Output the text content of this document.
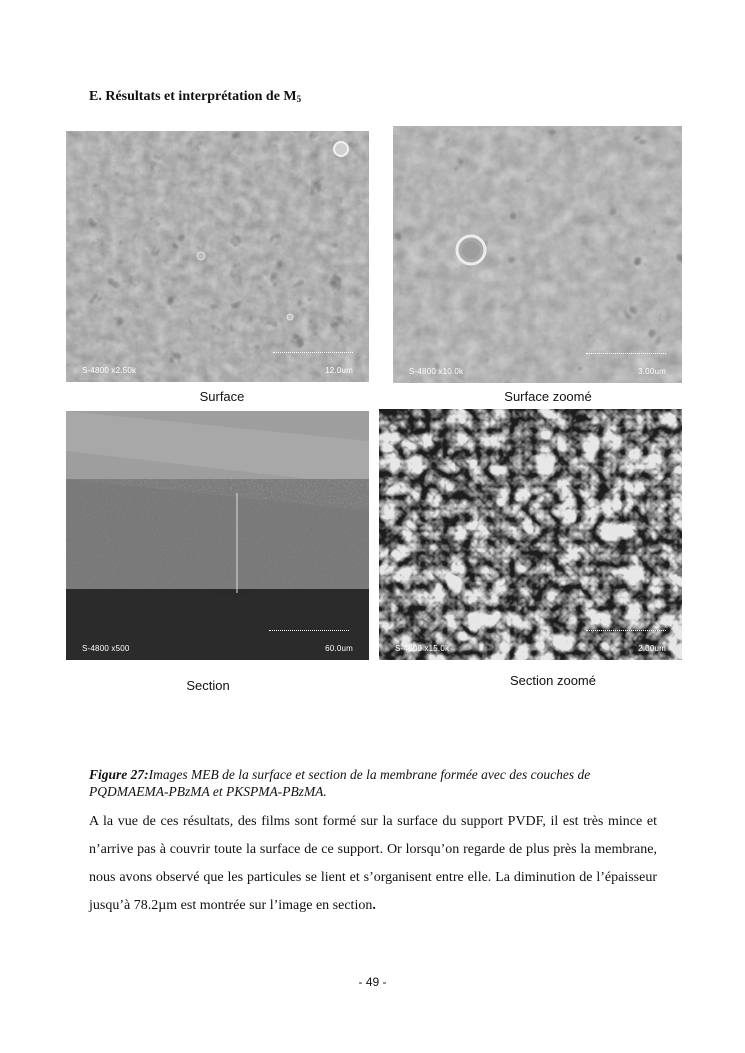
E. Résultats et interprétation de $M_5$
S-4800 x2.50k	12.0um
Surface
S-4800 x10.0k	3.00um
Surface zoomé
S-4800 x500	60.0um
Section
S-4800 x15.0k	2.00um
Section zoomé

Figure 27:Images MEB de la surface et section de la membrane formée avec des couches de PQDMAEMA-PBzMA et PKSPMA-PBzMA.

A la vue de ces résultats, des films sont formé sur la surface du support PVDF, il est très mince et n’arrive pas à couvrir toute la surface de ce support. Or lorsqu’on regarde de plus près la membrane, nous avons observé que les particules se lient et s’organisent entre elle. La diminution de l’épaisseur jusqu’à 78.2µm est montrée sur l’image en section.

- 49 -
